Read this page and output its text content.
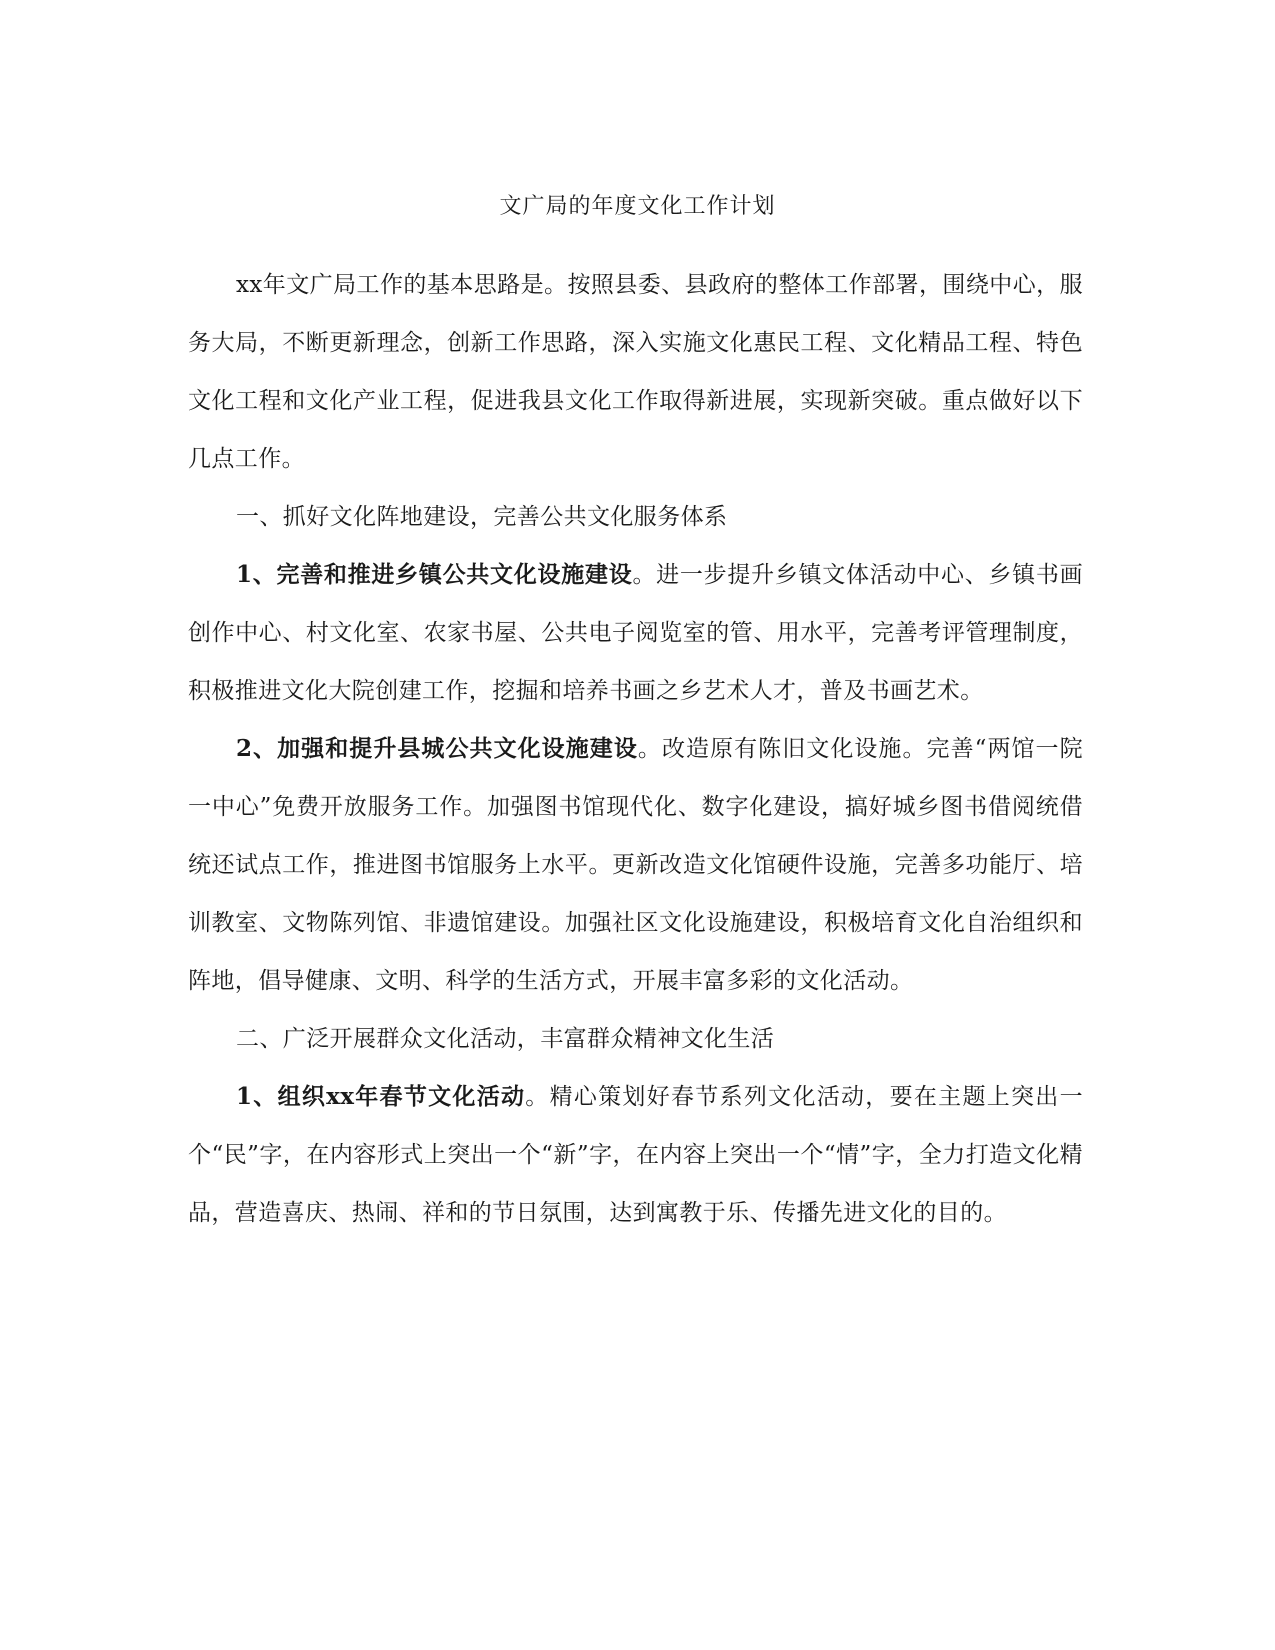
文广局的年度文化工作计划

xx年文广局工作的基本思路是。按照县委、县政府的整体工作部署，围绕中心，服务大局，不断更新理念，创新工作思路，深入实施文化惠民工程、文化精品工程、特色文化工程和文化产业工程，促进我县文化工作取得新进展，实现新突破。重点做好以下几点工作。

一、抓好文化阵地建设，完善公共文化服务体系

1、完善和推进乡镇公共文化设施建设。进一步提升乡镇文体活动中心、乡镇书画创作中心、村文化室、农家书屋、公共电子阅览室的管、用水平，完善考评管理制度，积极推进文化大院创建工作，挖掘和培养书画之乡艺术人才，普及书画艺术。

2、加强和提升县城公共文化设施建设。改造原有陈旧文化设施。完善“两馆一院一中心”免费开放服务工作。加强图书馆现代化、数字化建设，搞好城乡图书借阅统借统还试点工作，推进图书馆服务上水平。更新改造文化馆硬件设施，完善多功能厅、培训教室、文物陈列馆、非遗馆建设。加强社区文化设施建设，积极培育文化自治组织和阵地，倡导健康、文明、科学的生活方式，开展丰富多彩的文化活动。

二、广泛开展群众文化活动，丰富群众精神文化生活

1、组织xx年春节文化活动。精心策划好春节系列文化活动，要在主题上突出一个“民”字，在内容形式上突出一个“新”字，在内容上突出一个“情”字，全力打造文化精品，营造喜庆、热闹、祥和的节日氛围，达到寓教于乐、传播先进文化的目的。
